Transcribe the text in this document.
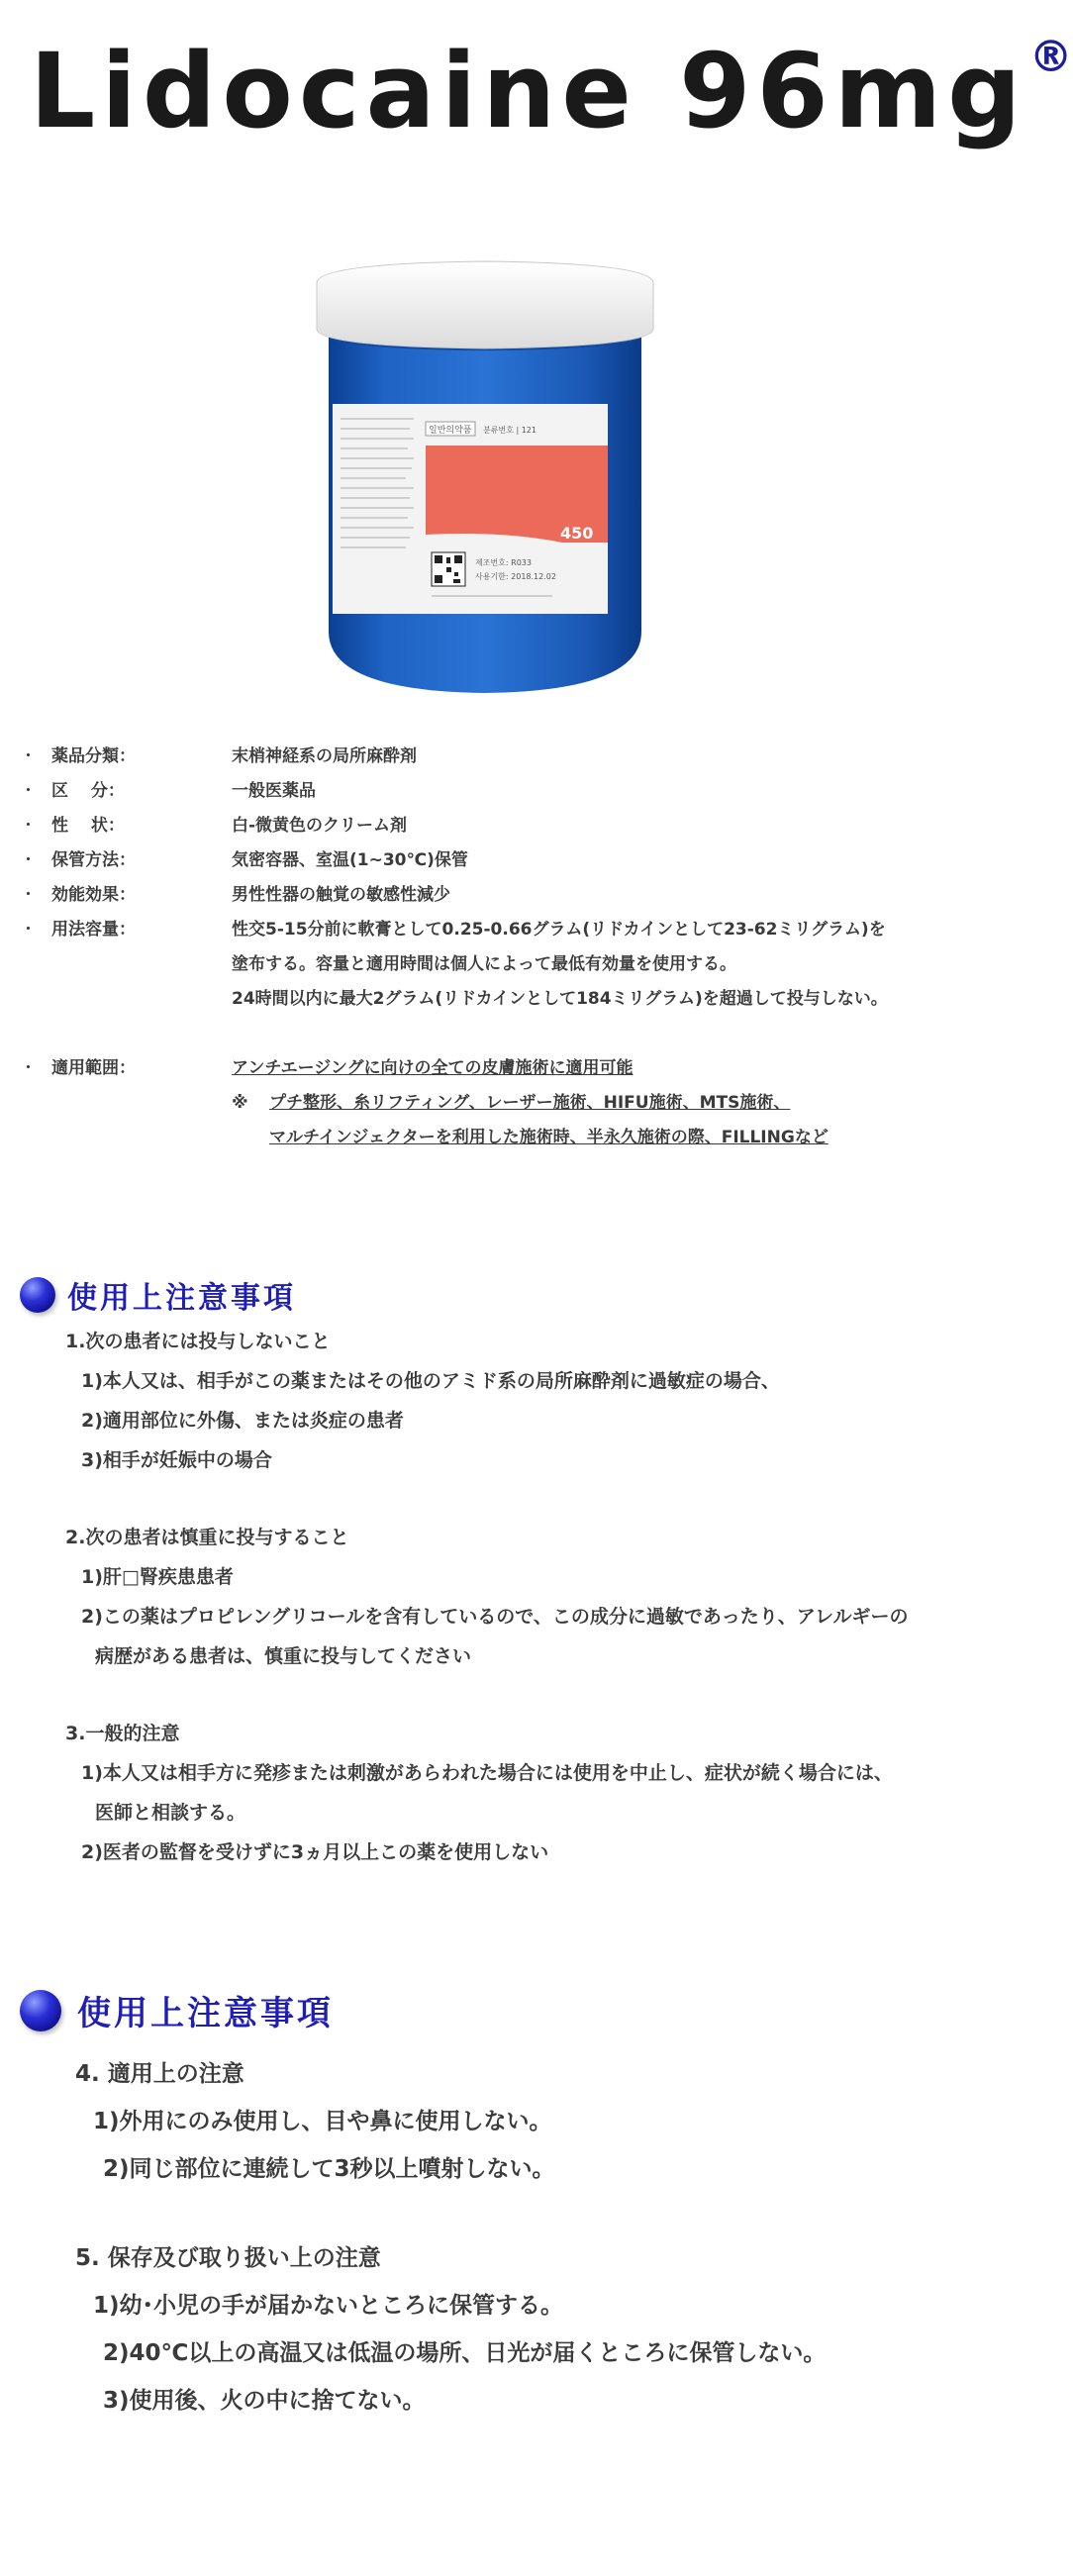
Lidocaine 96mg®
일반의약품 분류번호 | 121
450
제조번호: R033
사용기한: 2018.12.02
・ 薬品分類：	末梢神経系の局所麻酔剤
・ 区　 分：	一般医薬品
・ 性　 状：	白-微黄色のクリーム剤
・ 保管方法：	気密容器、室温(1~30℃)保管
・ 効能効果：	男性性器の触覚の敏感性減少
・ 用法容量：	性交5-15分前に軟膏として0.25-0.66グラム(リドカインとして23-62ミリグラム)を
塗布する。容量と適用時間は個人によって最低有効量を使用する。
24時間以内に最大2グラム(リドカインとして184ミリグラム)を超過して投与しない。
・ 適用範囲：	アンチエージングに向けの全ての皮膚施術に適用可能
※ プチ整形、糸リフティング、レーザー施術、HIFU施術、MTS施術、
マルチインジェクターを利用した施術時、半永久施術の際、FILLINGなど
使用上注意事項
1.次の患者には投与しないこと
1)本人又は、相手がこの薬またはその他のアミド系の局所麻酔剤に過敏症の場合、
2)適用部位に外傷、または炎症の患者
3)相手が妊娠中の場合
2.次の患者は慎重に投与すること
1)肝□腎疾患患者
2)この薬はプロピレングリコールを含有しているので、この成分に過敏であったり、アレルギーの
病歴がある患者は、慎重に投与してください
3.一般的注意
1)本人又は相手方に発疹または刺激があらわれた場合には使用を中止し、症状が続く場合には、
医師と相談する。
2)医者の監督を受けずに3ヵ月以上この薬を使用しない
使用上注意事項
4. 適用上の注意
1)外用にのみ使用し、目や鼻に使用しない。
2)同じ部位に連続して3秒以上噴射しない。
5. 保存及び取り扱い上の注意
1)幼･小児の手が届かないところに保管する。
2)40℃以上の高温又は低温の場所、日光が届くところに保管しない。
3)使用後、火の中に捨てない。
